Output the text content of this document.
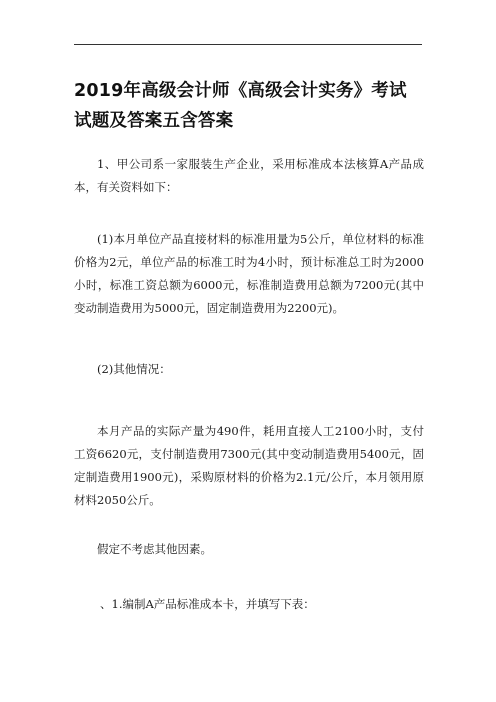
2019年高级会计师《高级会计实务》考试试题及答案五含答案
1、甲公司系一家服装生产企业，采用标准成本法核算A产品成本，有关资料如下：
(1)本月单位产品直接材料的标准用量为5公斤，单位材料的标准价格为2元，单位产品的标准工时为4小时，预计标准总工时为2000小时，标准工资总额为6000元，标准制造费用总额为7200元(其中变动制造费用为5000元，固定制造费用为2200元)。
(2)其他情况：
本月产品的实际产量为490件，耗用直接人工2100小时，支付工资6620元，支付制造费用7300元(其中变动制造费用5400元，固定制造费用1900元)，采购原材料的价格为2.1元/公斤，本月领用原材料2050公斤。
假定不考虑其他因素。
、1.编制A产品标准成本卡，并填写下表：
